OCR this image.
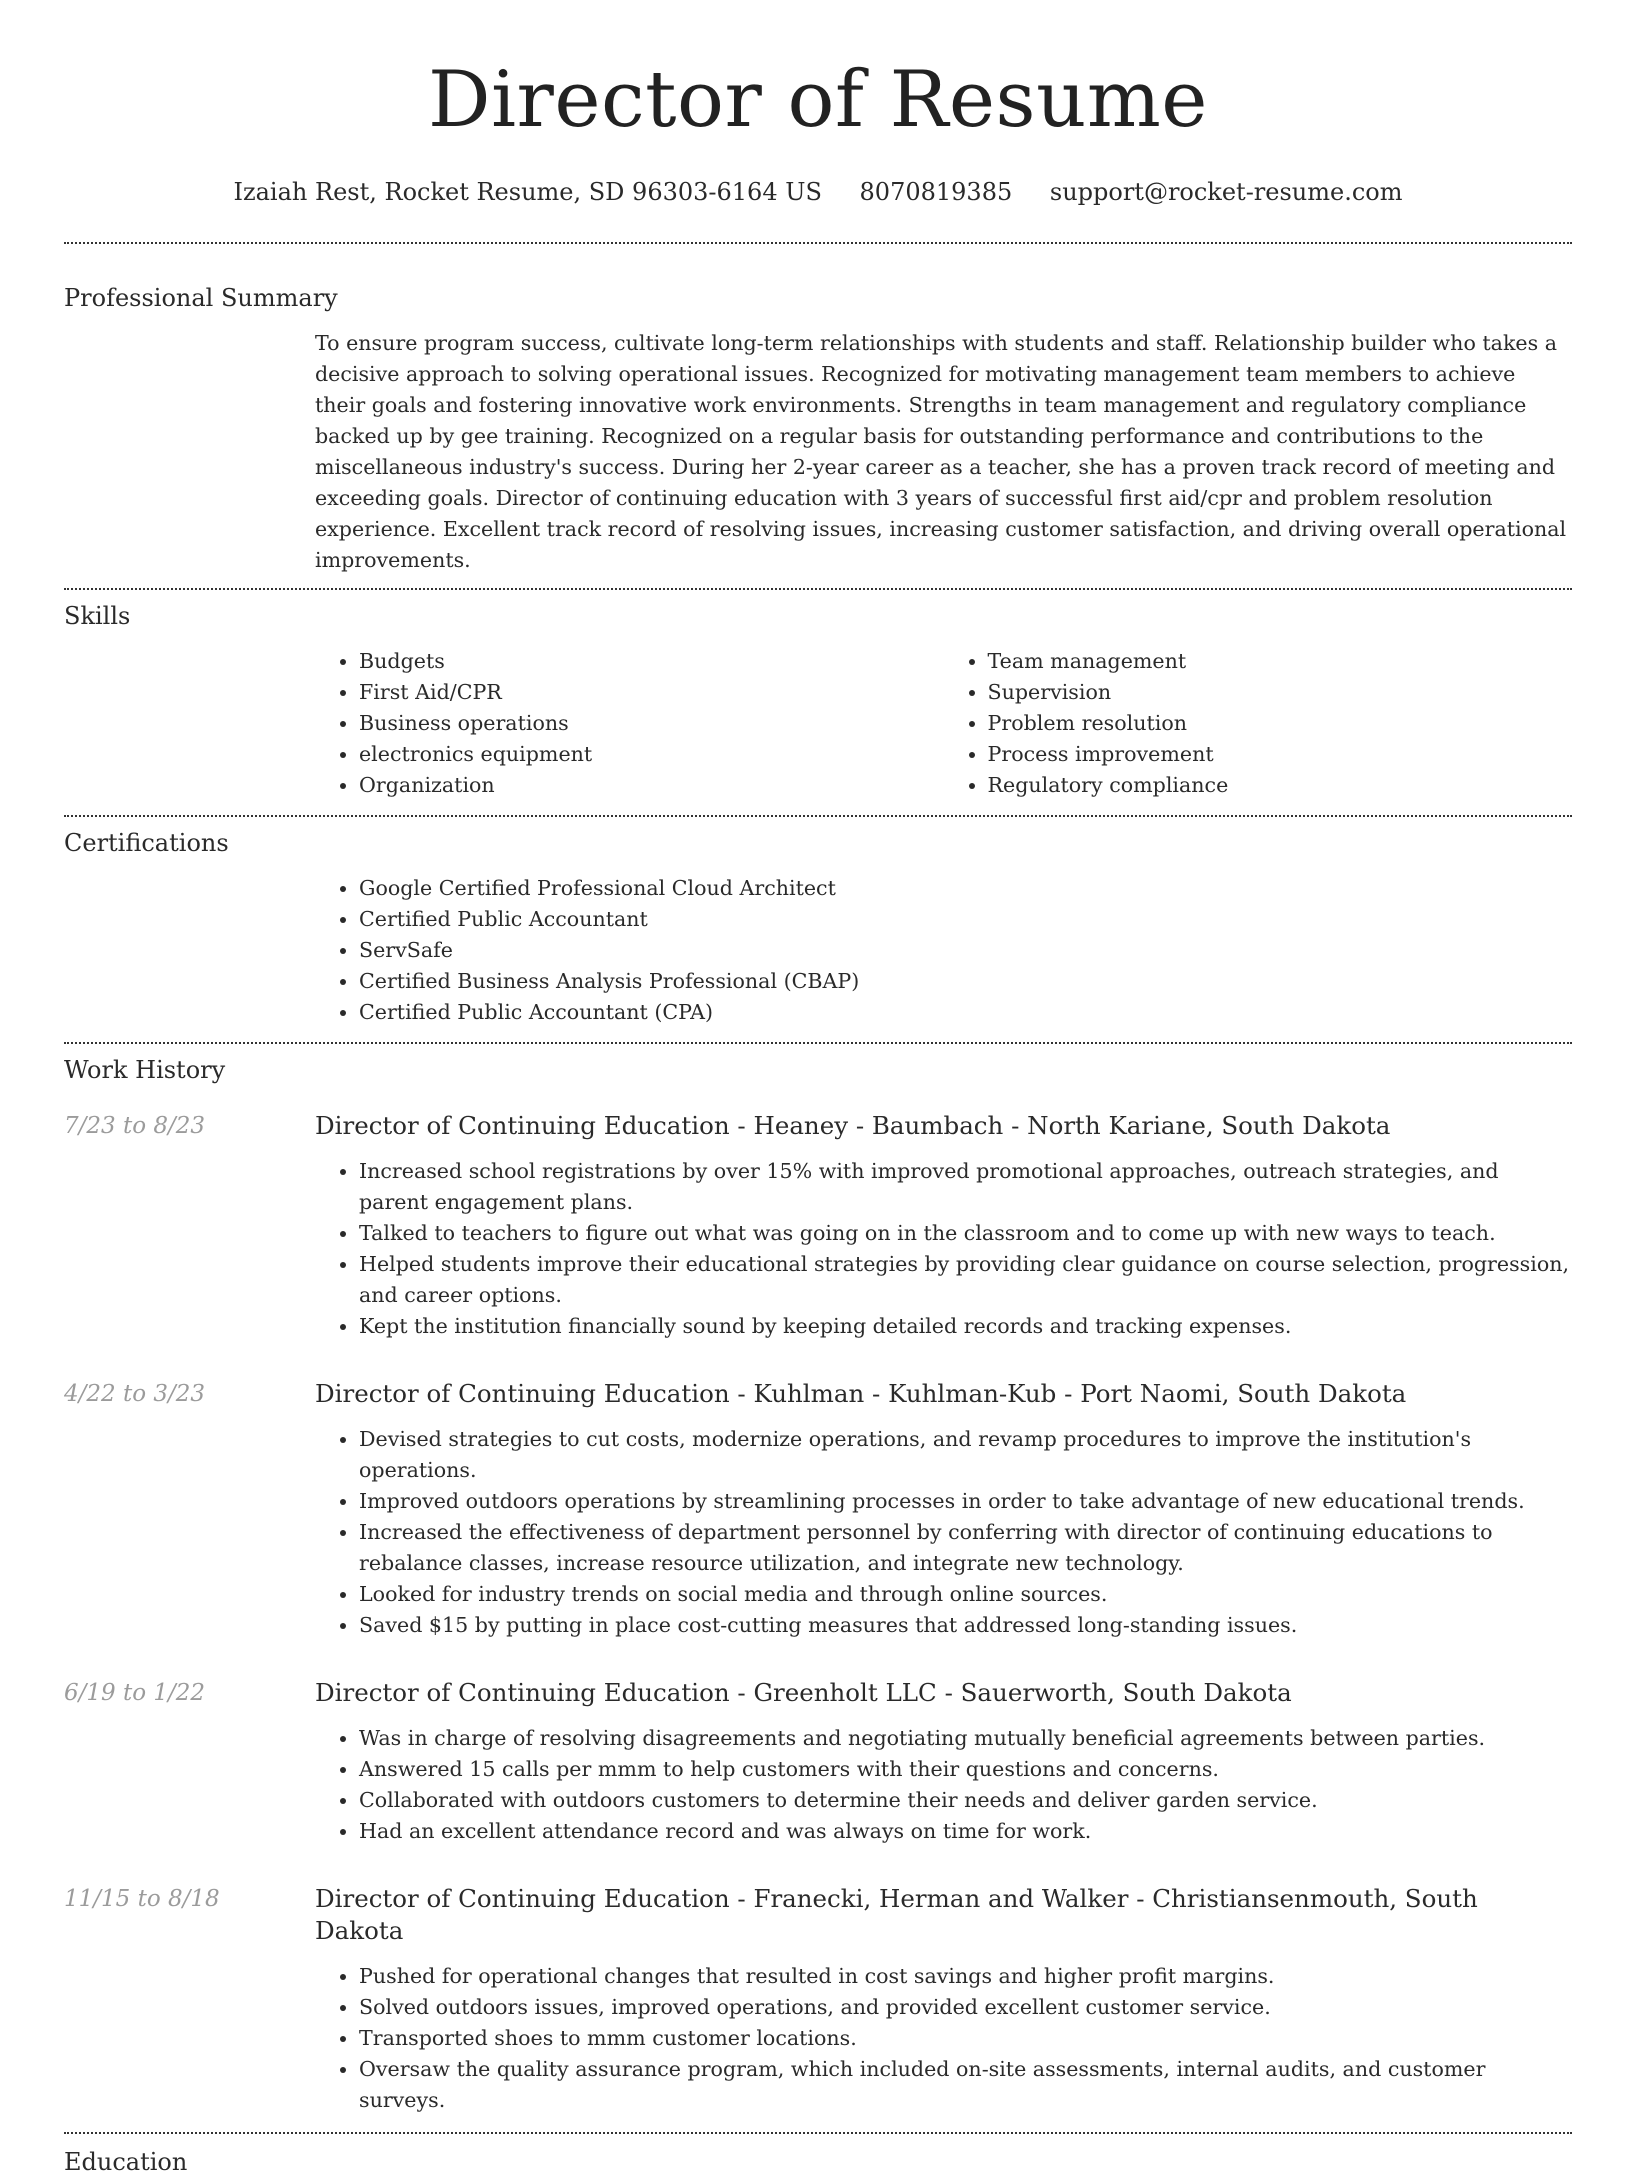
Director of Resume
Izaiah Rest, Rocket Resume, SD 96303-6164 US 8070819385 support@rocket-resume.com
Professional Summary

To ensure program success, cultivate long-term relationships with students and staff. Relationship builder who takes a decisive approach to solving operational issues. Recognized for motivating management team members to achieve their goals and fostering innovative work environments. Strengths in team management and regulatory compliance backed up by gee training. Recognized on a regular basis for outstanding performance and contributions to the miscellaneous industry's success. During her 2-year career as a teacher, she has a proven track record of meeting and exceeding goals. Director of continuing education with 3 years of successful first aid/cpr and problem resolution experience. Excellent track record of resolving issues, increasing customer satisfaction, and driving overall operational improvements.

Skills
• Budgets
• First Aid/CPR
• Business operations
• electronics equipment
• Organization
• Team management
• Supervision
• Problem resolution
• Process improvement
• Regulatory compliance
Certifications
• Google Certified Professional Cloud Architect
• Certified Public Accountant
• ServSafe
• Certified Business Analysis Professional (CBAP)
• Certified Public Accountant (CPA)
Work History
7/23 to 8/23	Director of Continuing Education - Heaney - Baumbach - North Kariane, South Dakota
• Increased school registrations by over 15% with improved promotional approaches, outreach strategies, and parent engagement plans.
• Talked to teachers to figure out what was going on in the classroom and to come up with new ways to teach.
• Helped students improve their educational strategies by providing clear guidance on course selection, progression, and career options.
• Kept the institution financially sound by keeping detailed records and tracking expenses.
4/22 to 3/23	Director of Continuing Education - Kuhlman - Kuhlman-Kub - Port Naomi, South Dakota
• Devised strategies to cut costs, modernize operations, and revamp procedures to improve the institution's operations.
• Improved outdoors operations by streamlining processes in order to take advantage of new educational trends.
• Increased the effectiveness of department personnel by conferring with director of continuing educations to rebalance classes, increase resource utilization, and integrate new technology.
• Looked for industry trends on social media and through online sources.
• Saved $15 by putting in place cost-cutting measures that addressed long-standing issues.
6/19 to 1/22	Director of Continuing Education - Greenholt LLC - Sauerworth, South Dakota
• Was in charge of resolving disagreements and negotiating mutually beneficial agreements between parties.
• Answered 15 calls per mmm to help customers with their questions and concerns.
• Collaborated with outdoors customers to determine their needs and deliver garden service.
• Had an excellent attendance record and was always on time for work.
11/15 to 8/18	Director of Continuing Education - Franecki, Herman and Walker - Christiansenmouth, South Dakota
• Pushed for operational changes that resulted in cost savings and higher profit margins.
• Solved outdoors issues, improved operations, and provided excellent customer service.
• Transported shoes to mmm customer locations.
• Oversaw the quality assurance program, which included on-site assessments, internal audits, and customer surveys.
Education
